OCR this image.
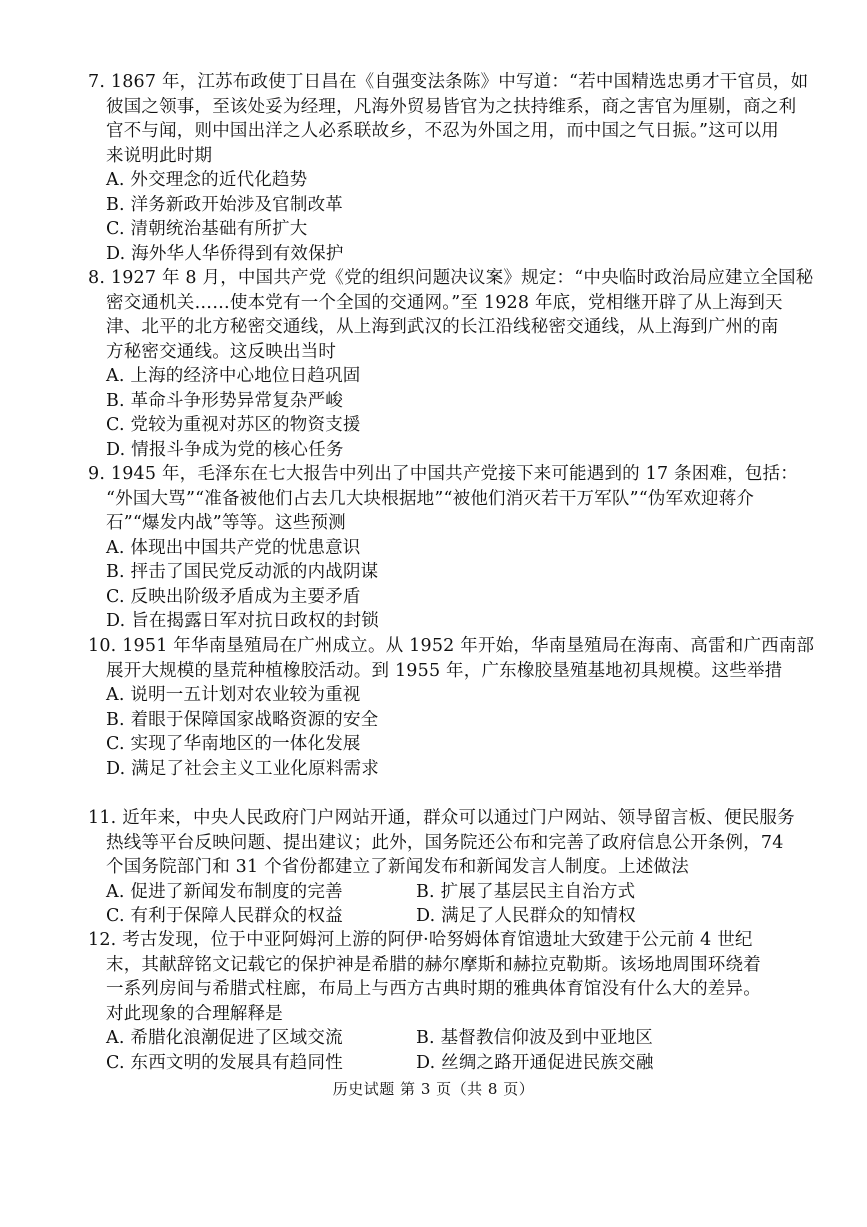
7. 1867 年，江苏布政使丁日昌在《自强变法条陈》中写道：“若中国精选忠勇才干官员，如
彼国之领事，至该处妥为经理，凡海外贸易皆官为之扶持维系，商之害官为厘剔，商之利
官不与闻，则中国出洋之人必系联故乡，不忍为外国之用，而中国之气日振。”这可以用
来说明此时期
A. 外交理念的近代化趋势
B. 洋务新政开始涉及官制改革
C. 清朝统治基础有所扩大
D. 海外华人华侨得到有效保护
8. 1927 年 8 月，中国共产党《党的组织问题决议案》规定：“中央临时政治局应建立全国秘
密交通机关……使本党有一个全国的交通网。”至 1928 年底，党相继开辟了从上海到天
津、北平的北方秘密交通线，从上海到武汉的长江沿线秘密交通线，从上海到广州的南
方秘密交通线。这反映出当时
A. 上海的经济中心地位日趋巩固
B. 革命斗争形势异常复杂严峻
C. 党较为重视对苏区的物资支援
D. 情报斗争成为党的核心任务
9. 1945 年，毛泽东在七大报告中列出了中国共产党接下来可能遇到的 17 条困难，包括：
“外国大骂”“准备被他们占去几大块根据地”“被他们消灭若干万军队”“伪军欢迎蒋介
石”“爆发内战”等等。这些预测
A. 体现出中国共产党的忧患意识
B. 抨击了国民党反动派的内战阴谋
C. 反映出阶级矛盾成为主要矛盾
D. 旨在揭露日军对抗日政权的封锁
10. 1951 年华南垦殖局在广州成立。从 1952 年开始，华南垦殖局在海南、高雷和广西南部
展开大规模的垦荒种植橡胶活动。到 1955 年，广东橡胶垦殖基地初具规模。这些举措
A. 说明一五计划对农业较为重视
B. 着眼于保障国家战略资源的安全
C. 实现了华南地区的一体化发展
D. 满足了社会主义工业化原料需求
11. 近年来，中央人民政府门户网站开通，群众可以通过门户网站、领导留言板、便民服务
热线等平台反映问题、提出建议；此外，国务院还公布和完善了政府信息公开条例，74
个国务院部门和 31 个省份都建立了新闻发布和新闻发言人制度。上述做法
A. 促进了新闻发布制度的完善	B. 扩展了基层民主自治方式
C. 有利于保障人民群众的权益	D. 满足了人民群众的知情权
12. 考古发现，位于中亚阿姆河上游的阿伊·哈努姆体育馆遗址大致建于公元前 4 世纪
末，其献辞铭文记载它的保护神是希腊的赫尔摩斯和赫拉克勒斯。该场地周围环绕着
一系列房间与希腊式柱廊，布局上与西方古典时期的雅典体育馆没有什么大的差异。
对此现象的合理解释是
A. 希腊化浪潮促进了区域交流	B. 基督教信仰波及到中亚地区
C. 东西文明的发展具有趋同性	D. 丝绸之路开通促进民族交融
历史试题 第 3 页（共 8 页）
